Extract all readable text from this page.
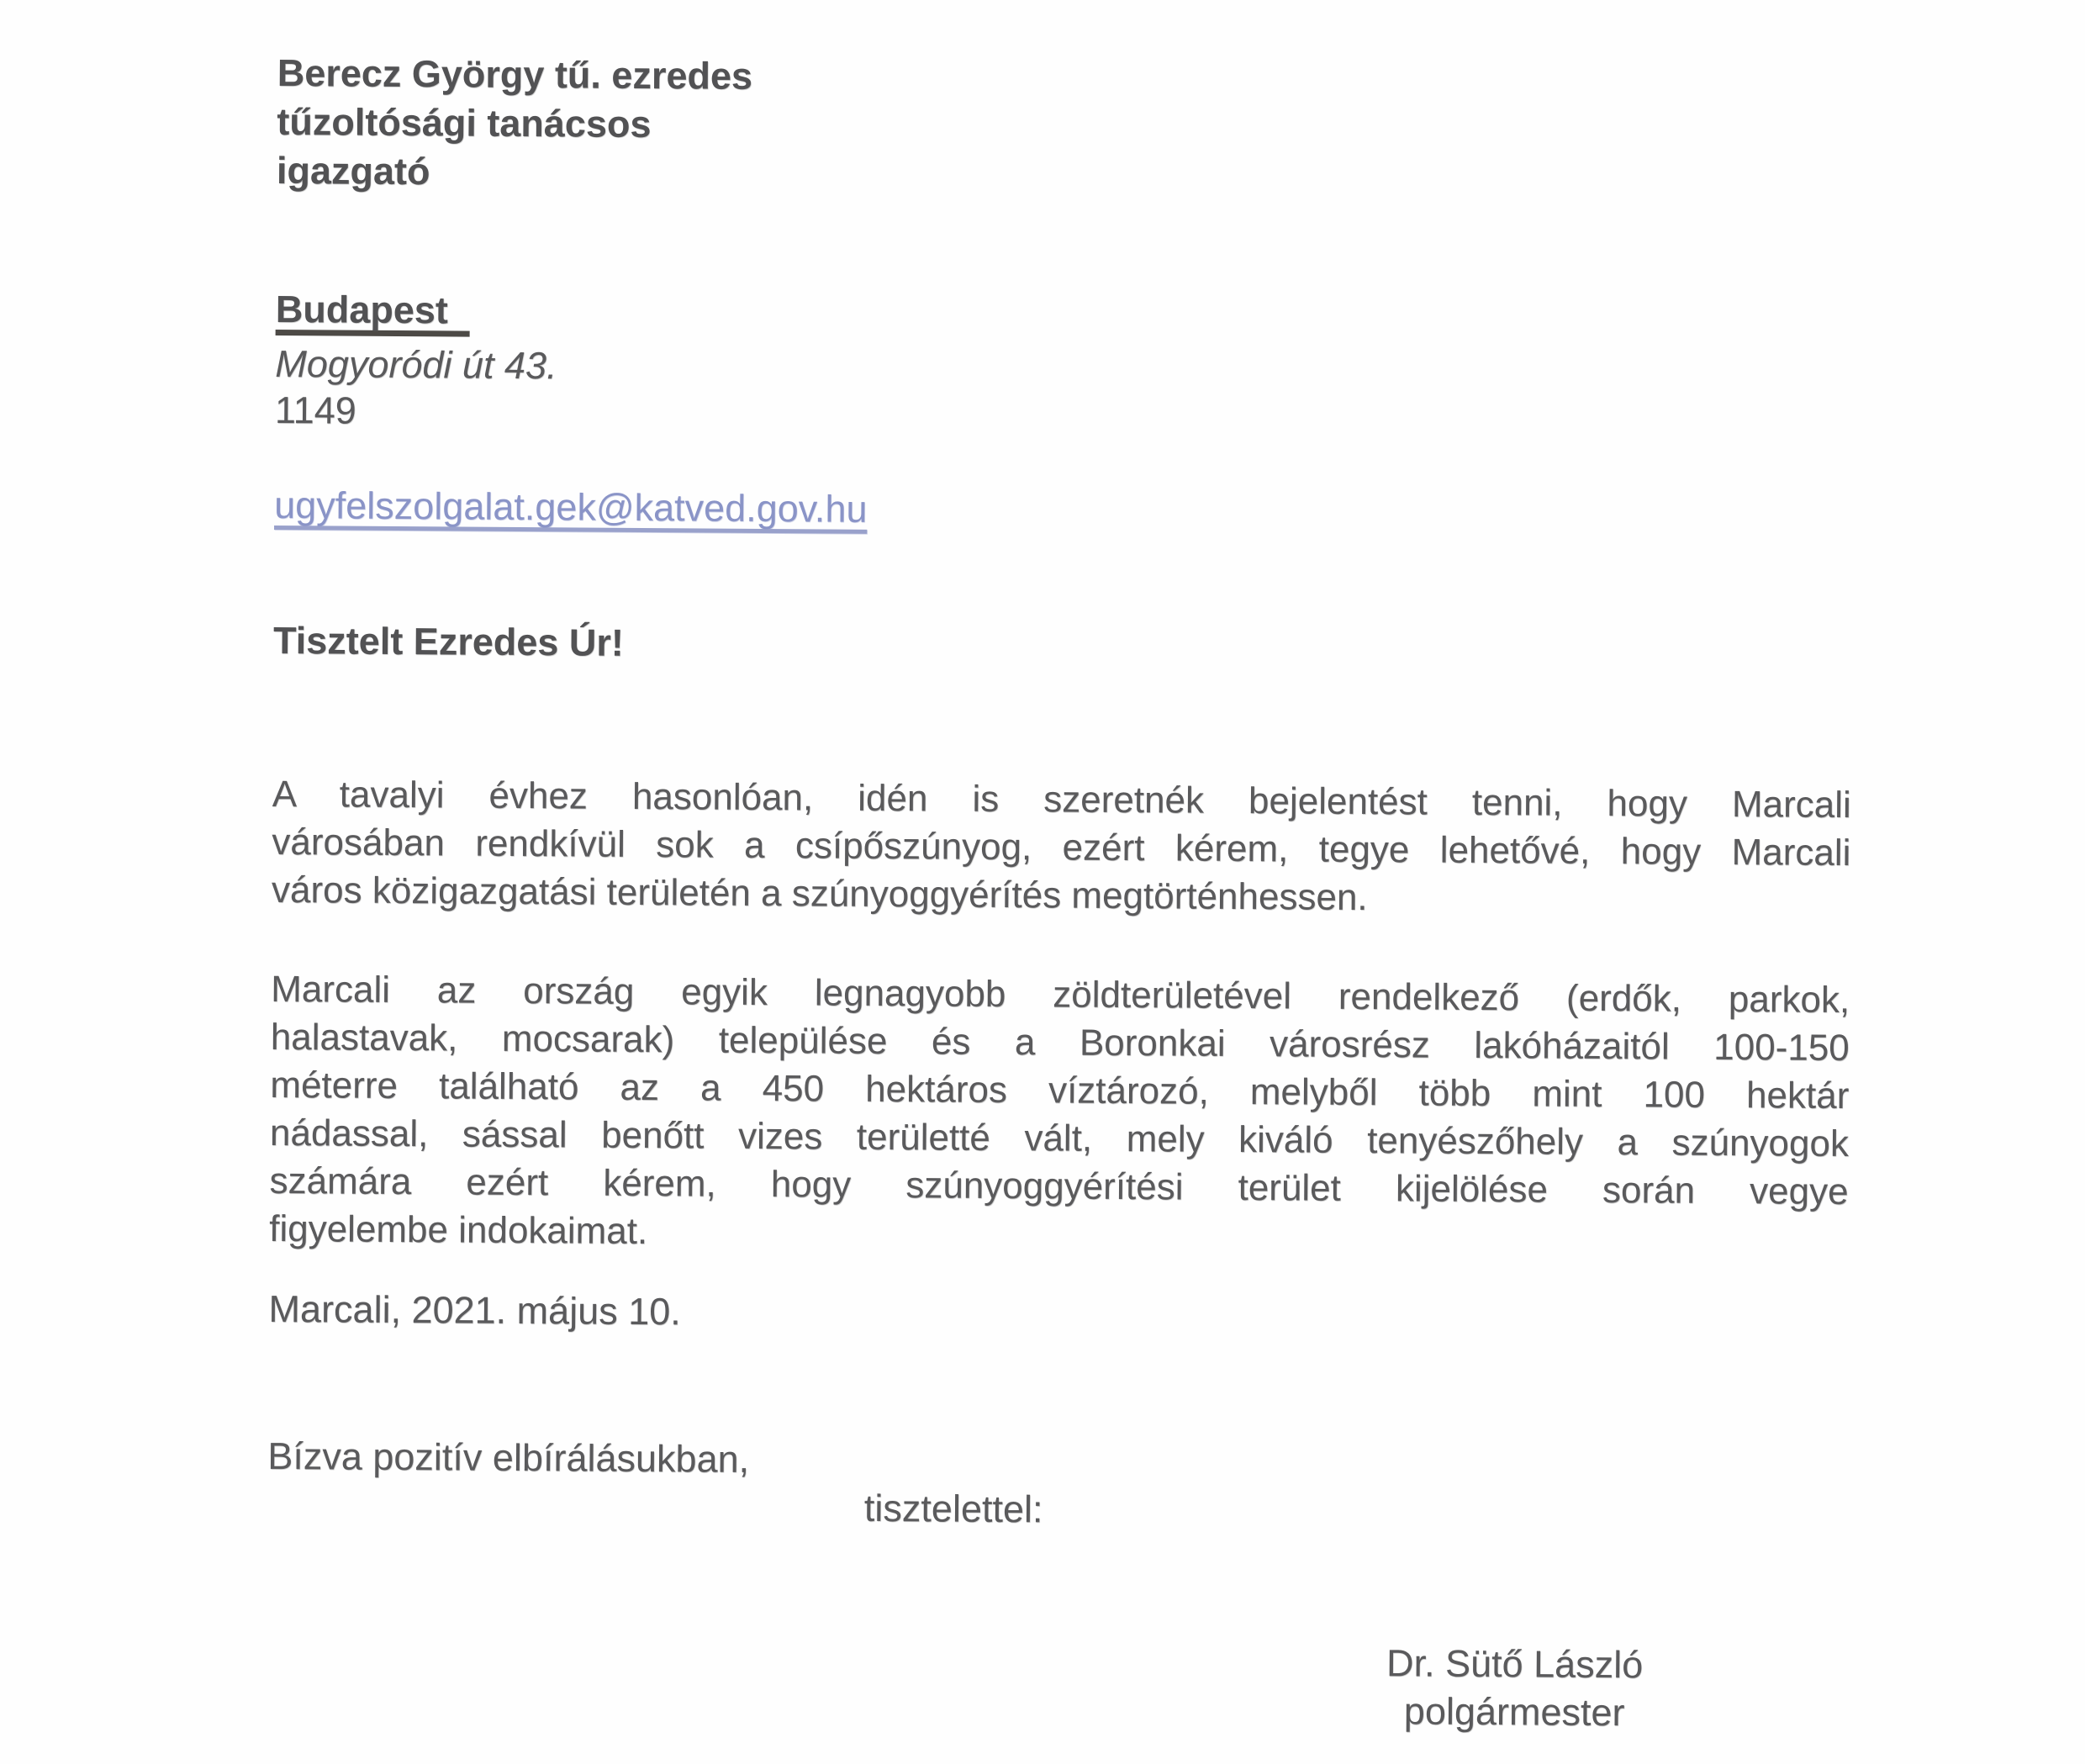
Berecz György tű. ezredes
tűzoltósági tanácsos
igazgató
Budapest
Mogyoródi út 43.
1149
ugyfelszolgalat.gek@katved.gov.hu
Tisztelt Ezredes Úr!
A tavalyi évhez hasonlóan, idén is szeretnék bejelentést tenni, hogy Marcali
városában rendkívül sok a csípőszúnyog, ezért kérem, tegye lehetővé, hogy Marcali
város közigazgatási területén a szúnyoggyérítés megtörténhessen.
Marcali az ország egyik legnagyobb zöldterületével rendelkező (erdők, parkok,
halastavak, mocsarak) települése és a Boronkai városrész lakóházaitól 100-150
méterre található az a 450 hektáros víztározó, melyből több mint 100 hektár
nádassal, sással benőtt vizes területté vált, mely kiváló tenyészőhely a szúnyogok
számára ezért kérem, hogy szúnyoggyérítési terület kijelölése során vegye
figyelembe indokaimat.
Marcali, 2021. május 10.
Bízva pozitív elbírálásukban,
tisztelettel:
Dr. Sütő László
polgármester
